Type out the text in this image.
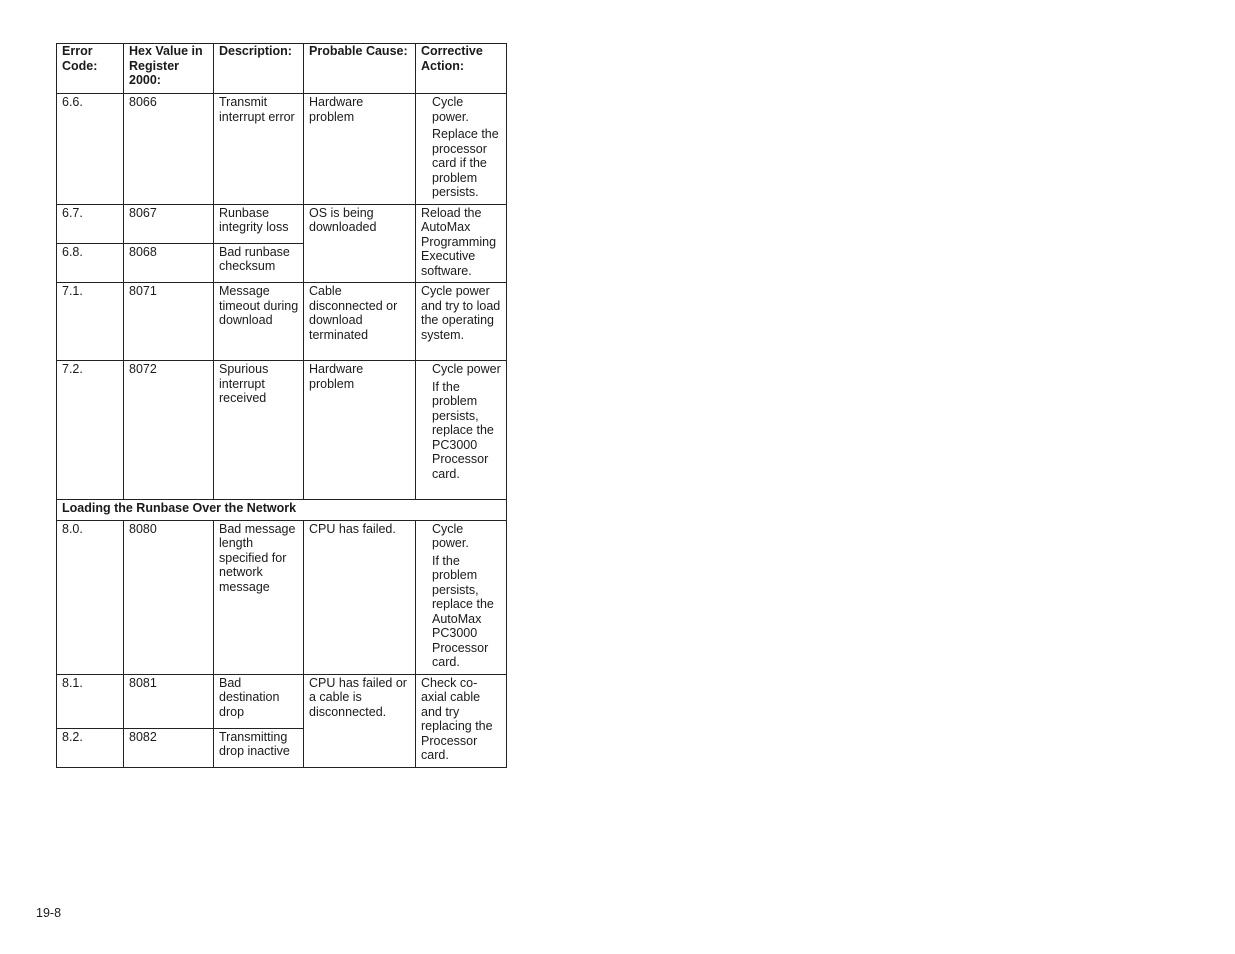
Error Code:	Hex Value in Register 2000:	Description:	Probable Cause:	Corrective Action:
6.6.	8066	Transmit interrupt error	Hardware problem	Cycle power.
Replace the processor card if the problem persists.

6.7.	8067	Runbase integrity loss	OS is being downloaded	Reload the AutoMax Programming Executive software.
6.8.	8068	Bad runbase checksum		
7.1.	8071	Message timeout during download	Cable disconnected or download terminated	Cycle power and try to load the operating system.
7.2.	8072	Spurious interrupt received	Hardware problem	Cycle power
If the problem persists, replace the PC3000 Processor card.

Loading the Runbase Over the Network				
8.0.	8080	Bad message length specified for network message	CPU has failed.	Cycle power.
If the problem persists, replace the AutoMax PC3000 Processor card.

8.1.	8081	Bad destination drop	CPU has failed or a cable is disconnected.	Check co-axial cable and try replacing the Processor card.
8.2.	8082	Transmitting drop inactive		
19-8
